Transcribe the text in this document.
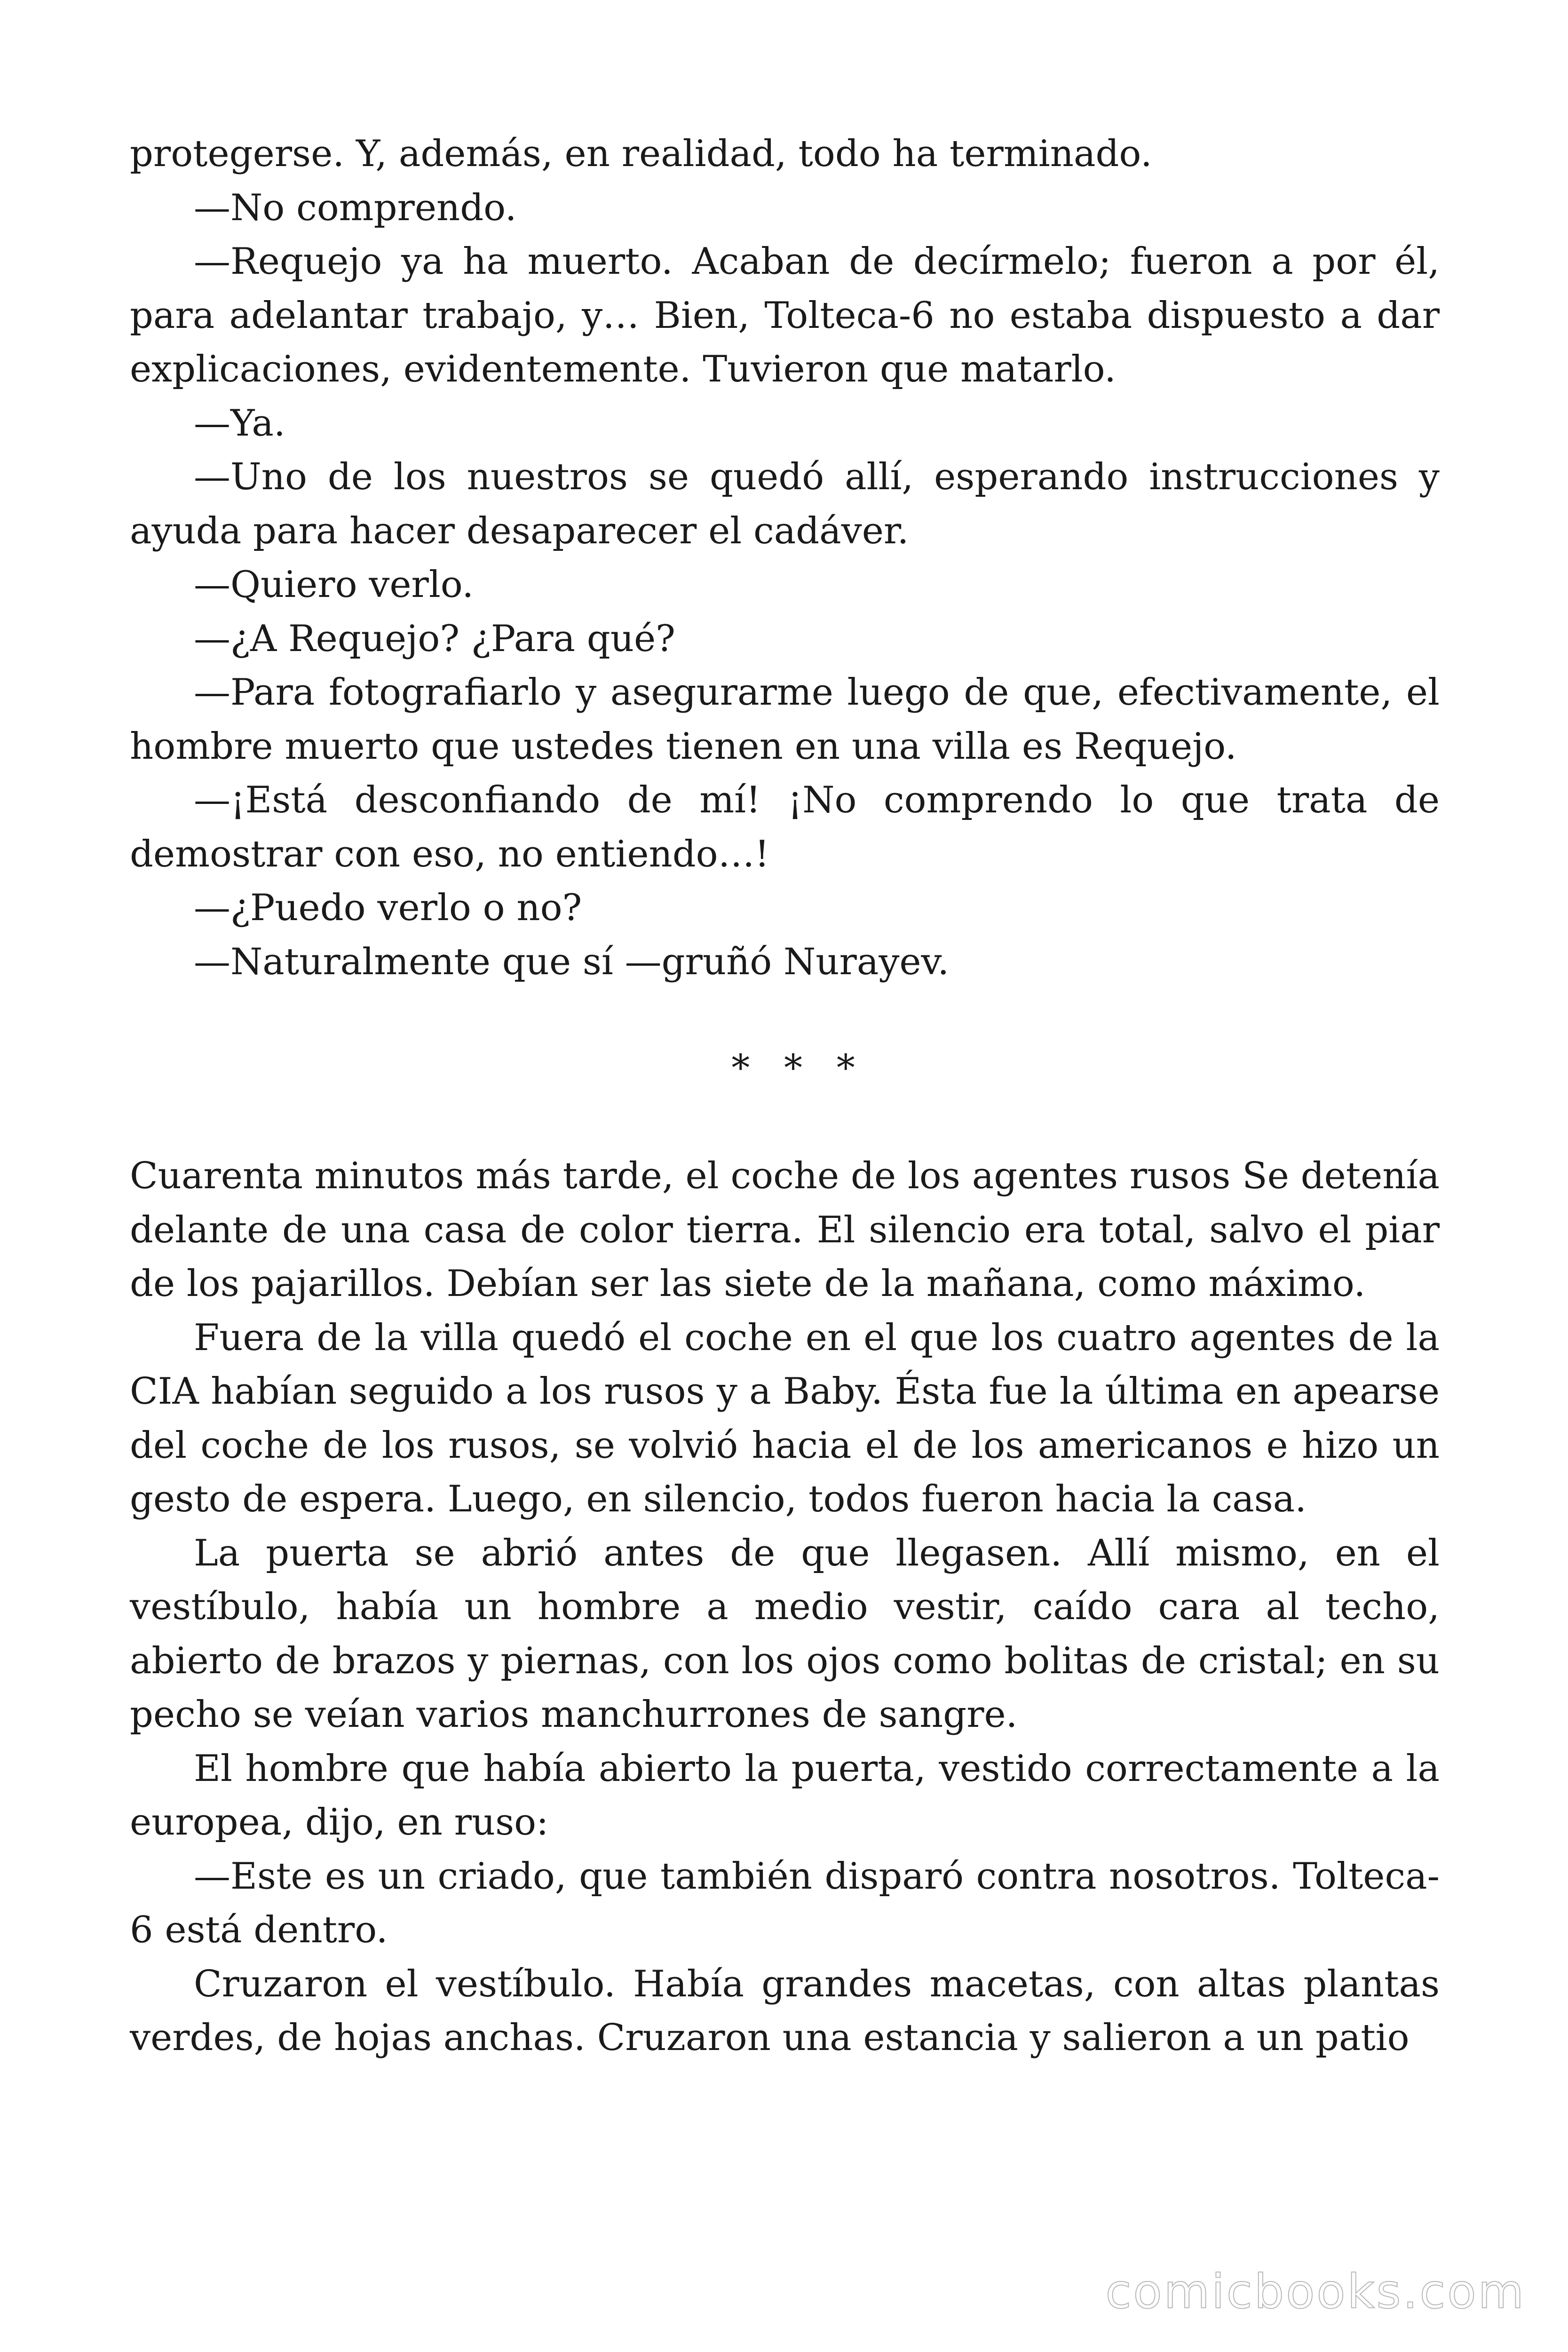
protegerse. Y, además, en realidad, todo ha terminado.

—No comprendo.

—Requejo ya ha muerto. Acaban de decírmelo; fueron a por él, para adelantar trabajo, y… Bien, Tolteca-6 no estaba dispuesto a dar explicaciones, evidentemente. Tuvieron que matarlo.

—Ya.

—Uno de los nuestros se quedó allí, esperando instrucciones y ayuda para hacer desaparecer el cadáver.

—Quiero verlo.

—¿A Requejo? ¿Para qué?

—Para fotografiarlo y asegurarme luego de que, efectivamente, el hombre muerto que ustedes tienen en una villa es Requejo.

—¡Está desconfiando de mí! ¡No comprendo lo que trata de demostrar con eso, no entiendo…!

—¿Puedo verlo o no?

—Naturalmente que sí —gruñó Nurayev.

* * *

Cuarenta minutos más tarde, el coche de los agentes rusos Se detenía delante de una casa de color tierra. El silencio era total, salvo el piar de los pajarillos. Debían ser las siete de la mañana, como máximo.

Fuera de la villa quedó el coche en el que los cuatro agentes de la CIA habían seguido a los rusos y a Baby. Ésta fue la última en apearse del coche de los rusos, se volvió hacia el de los americanos e hizo un gesto de espera. Luego, en silencio, todos fueron hacia la casa.

La puerta se abrió antes de que llegasen. Allí mismo, en el vestíbulo, había un hombre a medio vestir, caído cara al techo, abierto de brazos y piernas, con los ojos como bolitas de cristal; en su pecho se veían varios manchurrones de sangre.

El hombre que había abierto la puerta, vestido correctamente a la europea, dijo, en ruso:

—Este es un criado, que también disparó contra nosotros. Tolteca-6 está dentro.

Cruzaron el vestíbulo. Había grandes macetas, con altas plantas verdes, de hojas anchas. Cruzaron una estancia y salieron a un patio

comicbooks.com
